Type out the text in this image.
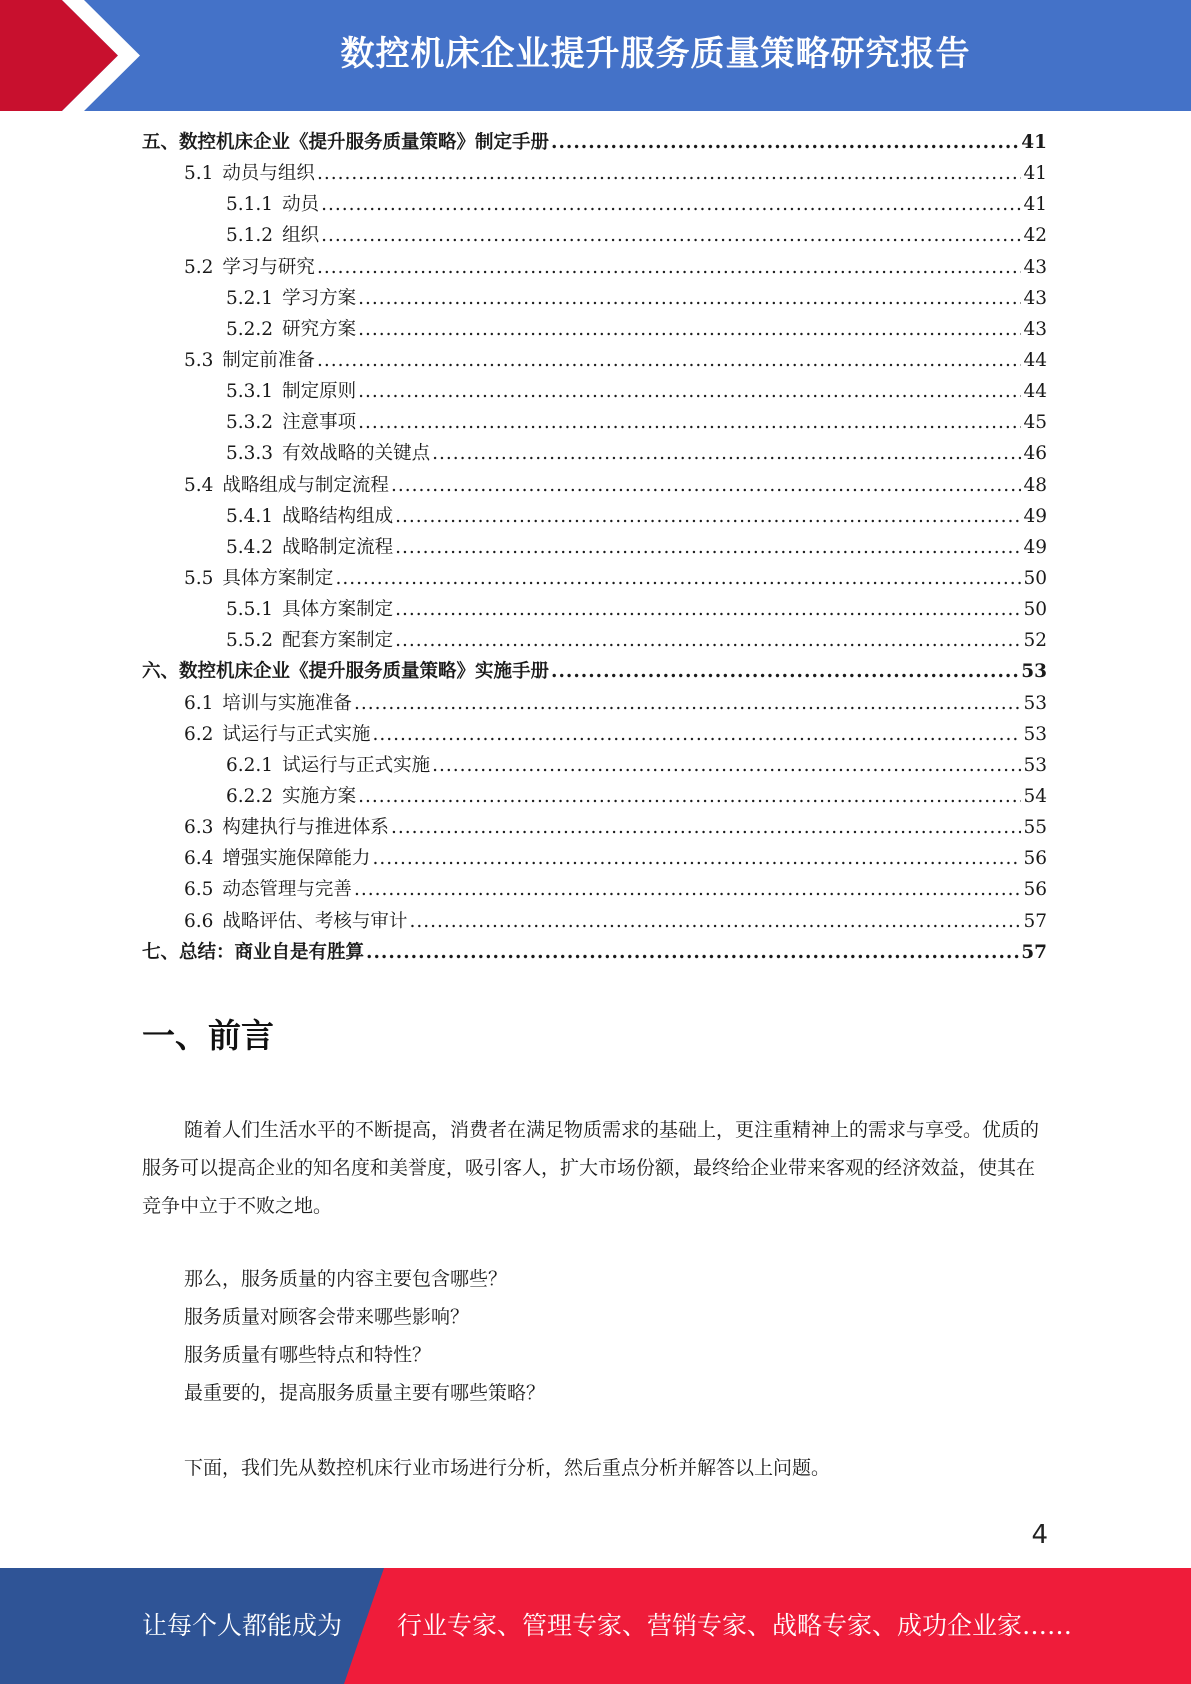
数控机床企业提升服务质量策略研究报告
五、数控机床企业《提升服务质量策略》制定手册 .....	41
5.1 动员与组织 .....	41
5.1.1 动员 .....	41
5.1.2 组织 .....	42
5.2 学习与研究 .....	43
5.2.1 学习方案 .....	43
5.2.2 研究方案 .....	43
5.3 制定前准备 .....	44
5.3.1 制定原则 .....	44
5.3.2 注意事项 .....	45
5.3.3 有效战略的关键点 .....	46
5.4 战略组成与制定流程 .....	48
5.4.1 战略结构组成 .....	49
5.4.2 战略制定流程 .....	49
5.5 具体方案制定 .....	50
5.5.1 具体方案制定 .....	50
5.5.2 配套方案制定 .....	52
六、数控机床企业《提升服务质量策略》实施手册 .....	53
6.1 培训与实施准备 .....	53
6.2 试运行与正式实施 .....	53
6.2.1 试运行与正式实施 .....	53
6.2.2 实施方案 .....	54
6.3 构建执行与推进体系 .....	55
6.4 增强实施保障能力 .....	56
6.5 动态管理与完善 .....	56
6.6 战略评估、考核与审计 .....	57
七、总结：商业自是有胜算 .....	57
一、前言

随着人们生活水平的不断提高，消费者在满足物质需求的基础上，更注重精神上的需求与享受。优质的服务可以提高企业的知名度和美誉度，吸引客人，扩大市场份额，最终给企业带来客观的经济效益，使其在竞争中立于不败之地。

那么，服务质量的内容主要包含哪些？

服务质量对顾客会带来哪些影响？

服务质量有哪些特点和特性？

最重要的，提高服务质量主要有哪些策略？

下面，我们先从数控机床行业市场进行分析，然后重点分析并解答以上问题。

4
让每个人都能成为 行业专家、管理专家、营销专家、战略专家、成功企业家……
